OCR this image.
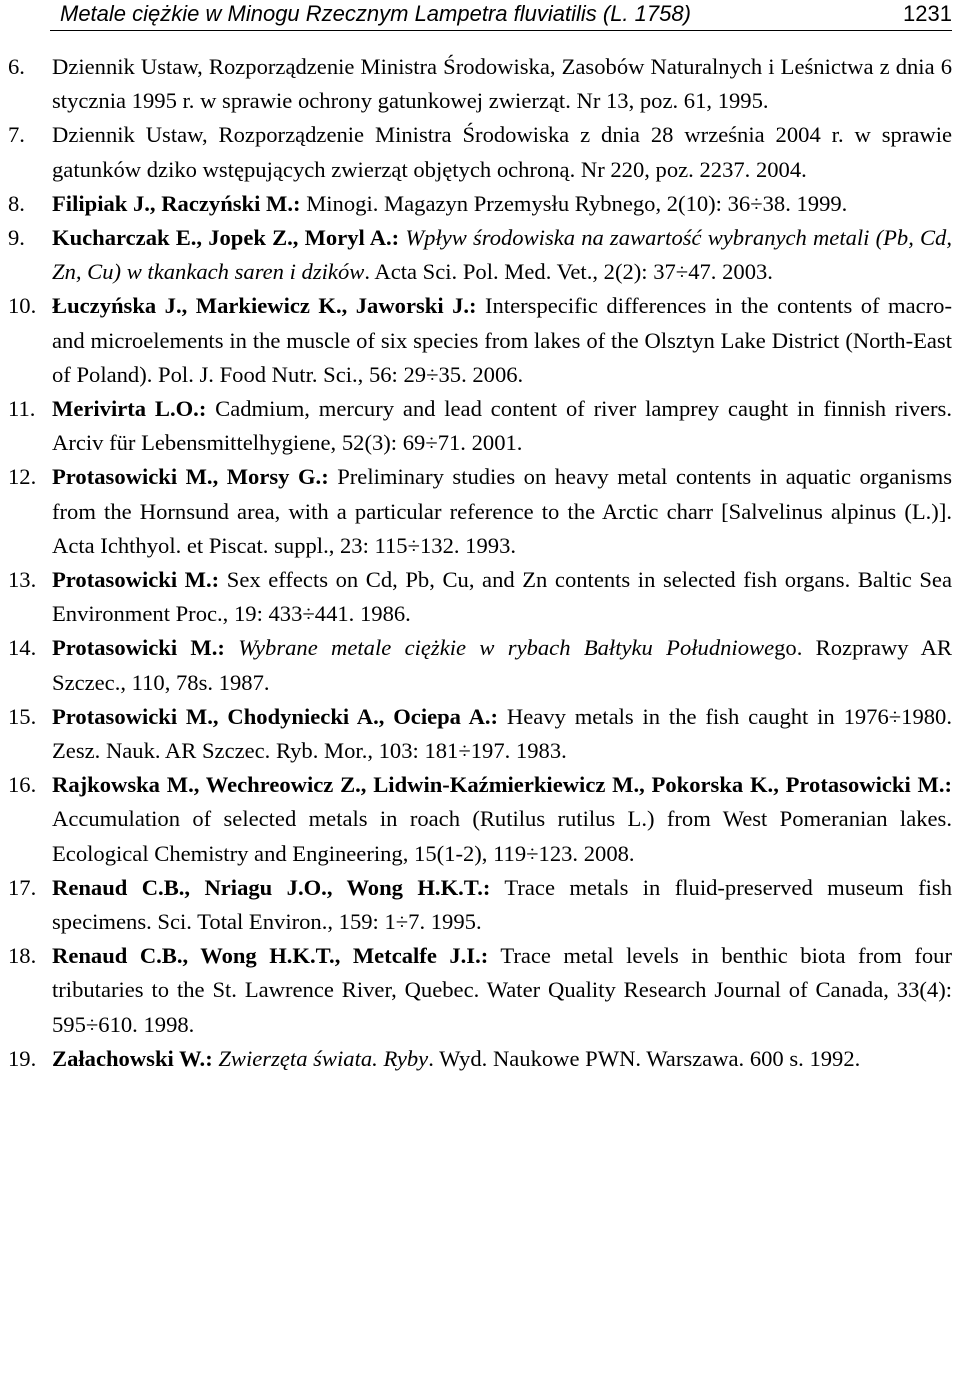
Metale ciężkie w Minogu Rzecznym Lampetra fluviatilis (L. 1758)	1231
6. Dziennik Ustaw, Rozporządzenie Ministra Środowiska, Zasobów Naturalnych i Leśnictwa z dnia 6 stycznia 1995 r. w sprawie ochrony gatunkowej zwierząt. Nr 13, poz. 61, 1995.
7. Dziennik Ustaw, Rozporządzenie Ministra Środowiska z dnia 28 września 2004 r. w sprawie gatunków dziko wstępujących zwierząt objętych ochroną. Nr 220, poz. 2237. 2004.
8. Filipiak J., Raczyński M.: Minogi. Magazyn Przemysłu Rybnego, 2(10): 36÷38. 1999.
9. Kucharczak E., Jopek Z., Moryl A.: Wpływ środowiska na zawartość wybranych metali (Pb, Cd, Zn, Cu) w tkankach saren i dzików. Acta Sci. Pol. Med. Vet., 2(2): 37÷47. 2003.
10. Łuczyńska J., Markiewicz K., Jaworski J.: Interspecific differences in the contents of macro- and microelements in the muscle of six species from lakes of the Olsztyn Lake District (North-East of Poland). Pol. J. Food Nutr. Sci., 56: 29÷35. 2006.
11. Merivirta L.O.: Cadmium, mercury and lead content of river lamprey caught in finnish rivers. Arciv für Lebensmittelhygiene, 52(3): 69÷71. 2001.
12. Protasowicki M., Morsy G.: Preliminary studies on heavy metal contents in aquatic organisms from the Hornsund area, with a particular reference to the Arctic charr [Salvelinus alpinus (L.)]. Acta Ichthyol. et Piscat. suppl., 23: 115÷132. 1993.
13. Protasowicki M.: Sex effects on Cd, Pb, Cu, and Zn contents in selected fish organs. Baltic Sea Environment Proc., 19: 433÷441. 1986.
14. Protasowicki M.: Wybrane metale ciężkie w rybach Bałtyku Południowego. Rozprawy AR Szczec., 110, 78s. 1987.
15. Protasowicki M., Chodyniecki A., Ociepa A.: Heavy metals in the fish caught in 1976÷1980. Zesz. Nauk. AR Szczec. Ryb. Mor., 103: 181÷197. 1983.
16. Rajkowska M., Wechreowicz Z., Lidwin-Kaźmierkiewicz M., Pokorska K., Protasowicki M.: Accumulation of selected metals in roach (Rutilus rutilus L.) from West Pomeranian lakes. Ecological Chemistry and Engineering, 15(1-2), 119÷123. 2008.
17. Renaud C.B., Nriagu J.O., Wong H.K.T.: Trace metals in fluid-preserved museum fish specimens. Sci. Total Environ., 159: 1÷7. 1995.
18. Renaud C.B., Wong H.K.T., Metcalfe J.I.: Trace metal levels in benthic biota from four tributaries to the St. Lawrence River, Quebec. Water Quality Research Journal of Canada, 33(4): 595÷610. 1998.
19. Załachowski W.: Zwierzęta świata. Ryby. Wyd. Naukowe PWN. Warszawa. 600 s. 1992.
